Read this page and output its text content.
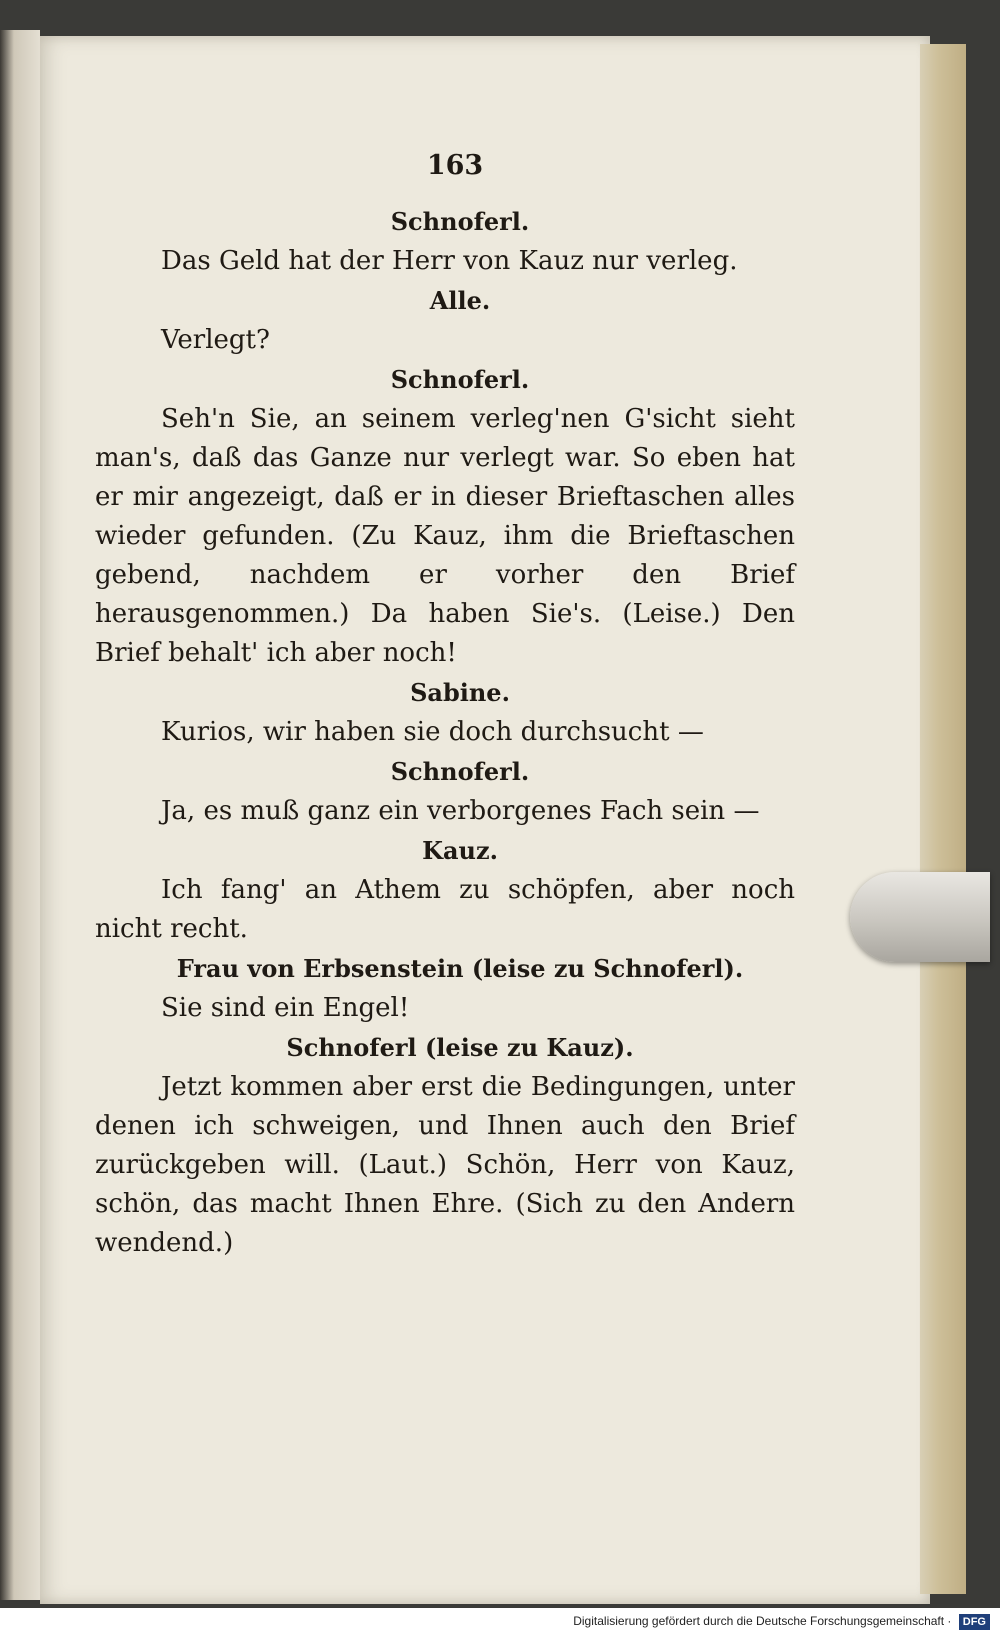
163
Schnoferl.
Das Geld hat der Herr von Kauz nur verleg.
Alle.
Verlegt?
Schnoferl.
Seh'n Sie, an seinem verleg'nen G'sicht sieht man's, daß das Ganze nur verlegt war. So eben hat er mir angezeigt, daß er in dieser Brieftaschen alles wieder gefunden. (Zu Kauz, ihm die Brieftaschen gebend, nachdem er vorher den Brief herausgenommen.) Da haben Sie's. (Leise.) Den Brief behalt' ich aber noch!
Sabine.
Kurios, wir haben sie doch durchsucht —
Schnoferl.
Ja, es muß ganz ein verborgenes Fach sein —
Kauz.
Ich fang' an Athem zu schöpfen, aber noch nicht recht.
Frau von Erbsenstein (leise zu Schnoferl).
Sie sind ein Engel!
Schnoferl (leise zu Kauz).
Jetzt kommen aber erst die Bedingungen, unter denen ich schweigen, und Ihnen auch den Brief zurückgeben will. (Laut.) Schön, Herr von Kauz, schön, das macht Ihnen Ehre. (Sich zu den Andern wendend.)
Digitalisierung gefördert durch die Deutsche Forschungsgemeinschaft · DFG
